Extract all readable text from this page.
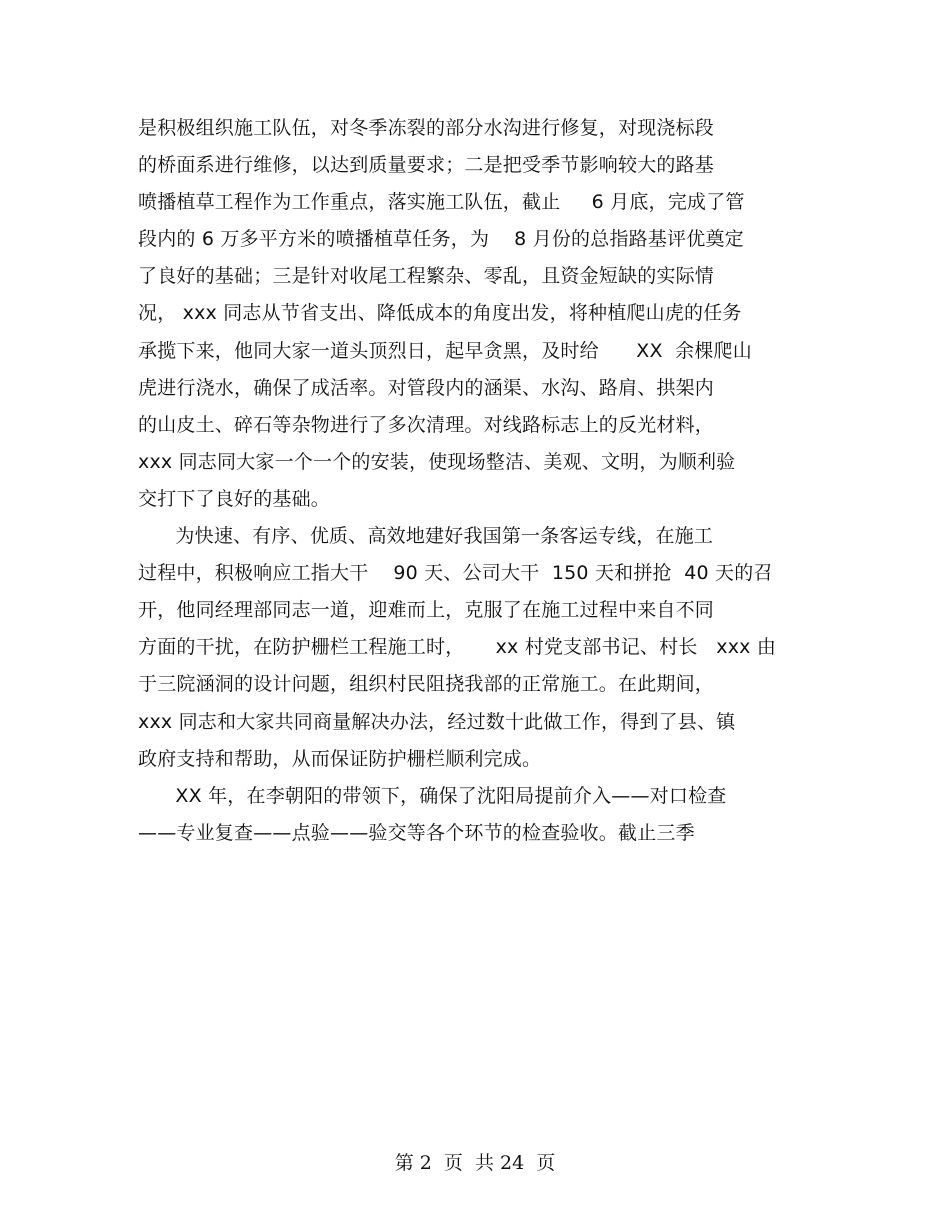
是积极组织施工队伍，对冬季冻裂的部分水沟进行修复，对现浇标段
的桥面系进行维修，以达到质量要求；二是把受季节影响较大的路基
喷播植草工程作为工作重点，落实施工队伍，截止     6 月底，完成了管
段内的 6 万多平方米的喷播植草任务，为    8 月份的总指路基评优奠定
了良好的基础；三是针对收尾工程繁杂、零乱，且资金短缺的实际情
况， xxx 同志从节省支出、降低成本的角度出发，将种植爬山虎的任务
承揽下来，他同大家一道头顶烈日，起早贪黑，及时给      XX  余棵爬山
虎进行浇水，确保了成活率。对管段内的涵渠、水沟、路肩、拱架内
的山皮土、碎石等杂物进行了多次清理。对线路标志上的反光材料，
xxx 同志同大家一个一个的安装，使现场整洁、美观、文明，为顺利验
交打下了良好的基础。
为快速、有序、优质、高效地建好我国第一条客运专线，在施工
过程中，积极响应工指大干    90 天、公司大干  150 天和拼抢  40 天的召
开，他同经理部同志一道，迎难而上，克服了在施工过程中来自不同
方面的干扰，在防护栅栏工程施工时，     xx 村党支部书记、村长   xxx 由
于三院涵洞的设计问题，组织村民阻挠我部的正常施工。在此期间，
xxx 同志和大家共同商量解决办法，经过数十此做工作，得到了县、镇
政府支持和帮助，从而保证防护栅栏顺利完成。
XX 年，在李朝阳的带领下，确保了沈阳局提前介入——对口检查
——专业复查——点验——验交等各个环节的检查验收。截止三季
第 2  页  共 24  页
